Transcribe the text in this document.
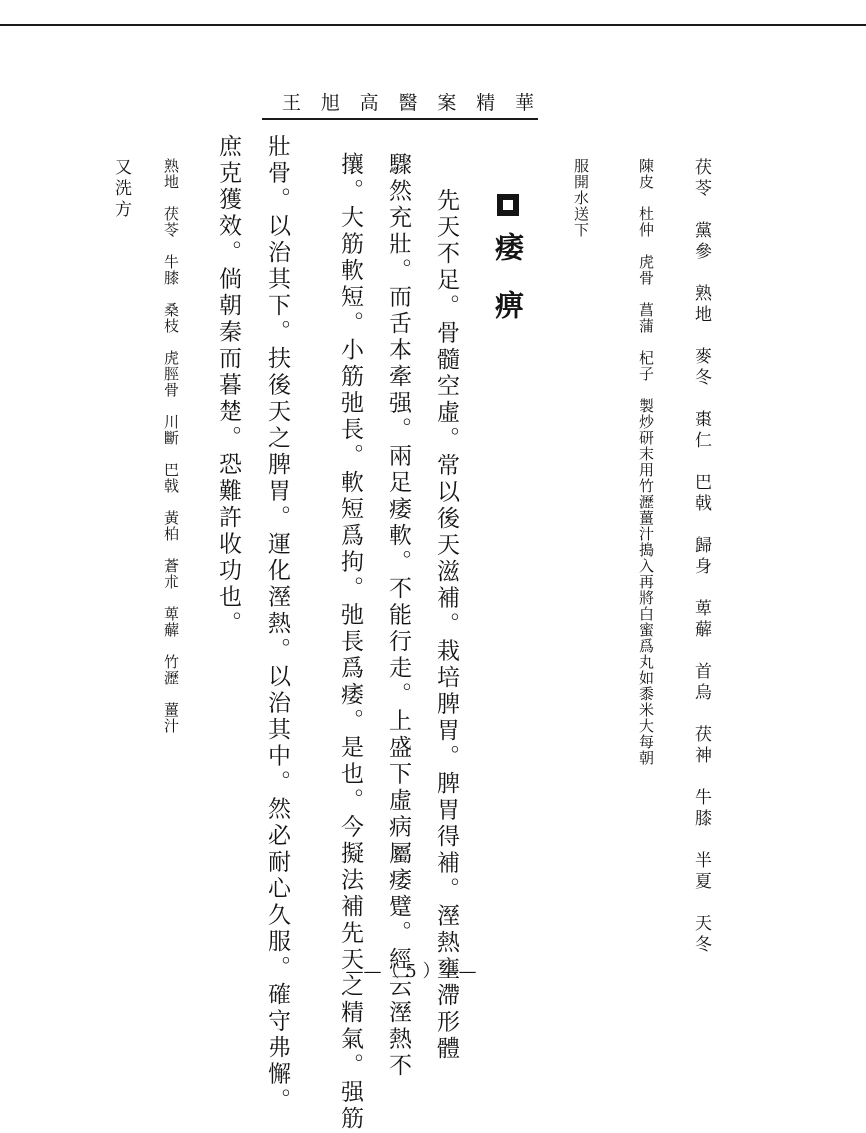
王 旭 高 醫 案 精 華
茯苓　黨參　熟地　麥冬　棗仁　巴戟　歸身　萆薢　首烏　茯神　牛膝　半夏　天冬
陳皮　杜仲　虎骨　菖蒲　杞子　製炒研末用竹瀝薑汁搗入再將白蜜爲丸如黍米大每朝
服開水送下
痿　痹
先天不足。骨髓空虛。常以後天滋補。栽培脾胃。脾胃得補。溼熱壅滯形體
驟然充壯。而舌本牽强。兩足痿軟。不能行走。上盛下虛病屬痿躄。經云溼熱不
攘。大筋軟短。小筋弛長。軟短爲拘。弛長爲痿。是也。今擬法補先天之精氣。强筋
壯骨。以治其下。扶後天之脾胃。運化溼熱。以治其中。然必耐心久服。確守弗懈。
庶克獲效。倘朝秦而暮楚。恐難許收功也。
熟地　茯苓　牛膝　桑枝　虎脛骨　川斷　巴戟　黃柏　蒼朮　萆薢　竹瀝　薑汁
又洗方
——（ 5 ）——
